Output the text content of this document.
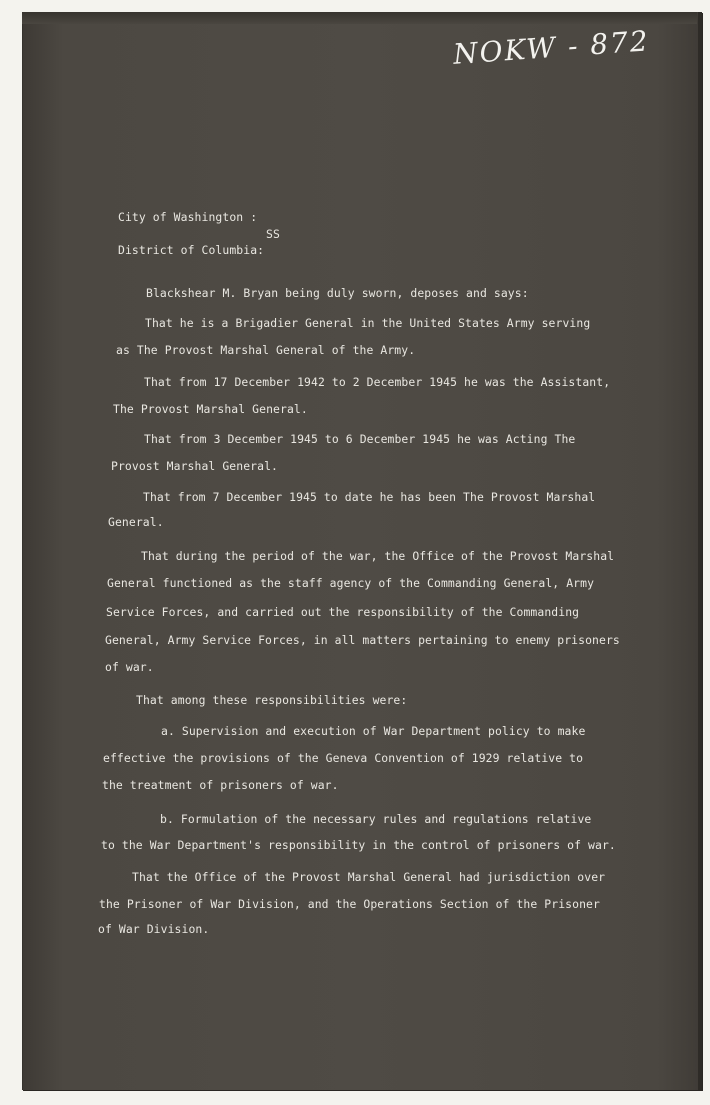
NOKW - 872
City of Washington :
SS
District of Columbia:
Blackshear M. Bryan being duly sworn, deposes and says:
That he is a Brigadier General in the United States Army serving
as The Provost Marshal General of the Army.
That from 17 December 1942 to 2 December 1945 he was the Assistant,
The Provost Marshal General.
That from 3 December 1945 to 6 December 1945 he was Acting The
Provost Marshal General.
That from 7 December 1945 to date he has been The Provost Marshal
General.
That during the period of the war, the Office of the Provost Marshal
General functioned as the staff agency of the Commanding General, Army
Service Forces, and carried out the responsibility of the Commanding
General, Army Service Forces, in all matters pertaining to enemy prisoners
of war.
That among these responsibilities were:
a. Supervision and execution of War Department policy to make
effective the provisions of the Geneva Convention of 1929 relative to
the treatment of prisoners of war.
b. Formulation of the necessary rules and regulations relative
to the War Department's responsibility in the control of prisoners of war.
That the Office of the Provost Marshal General had jurisdiction over
the Prisoner of War Division, and the Operations Section of the Prisoner
of War Division.
